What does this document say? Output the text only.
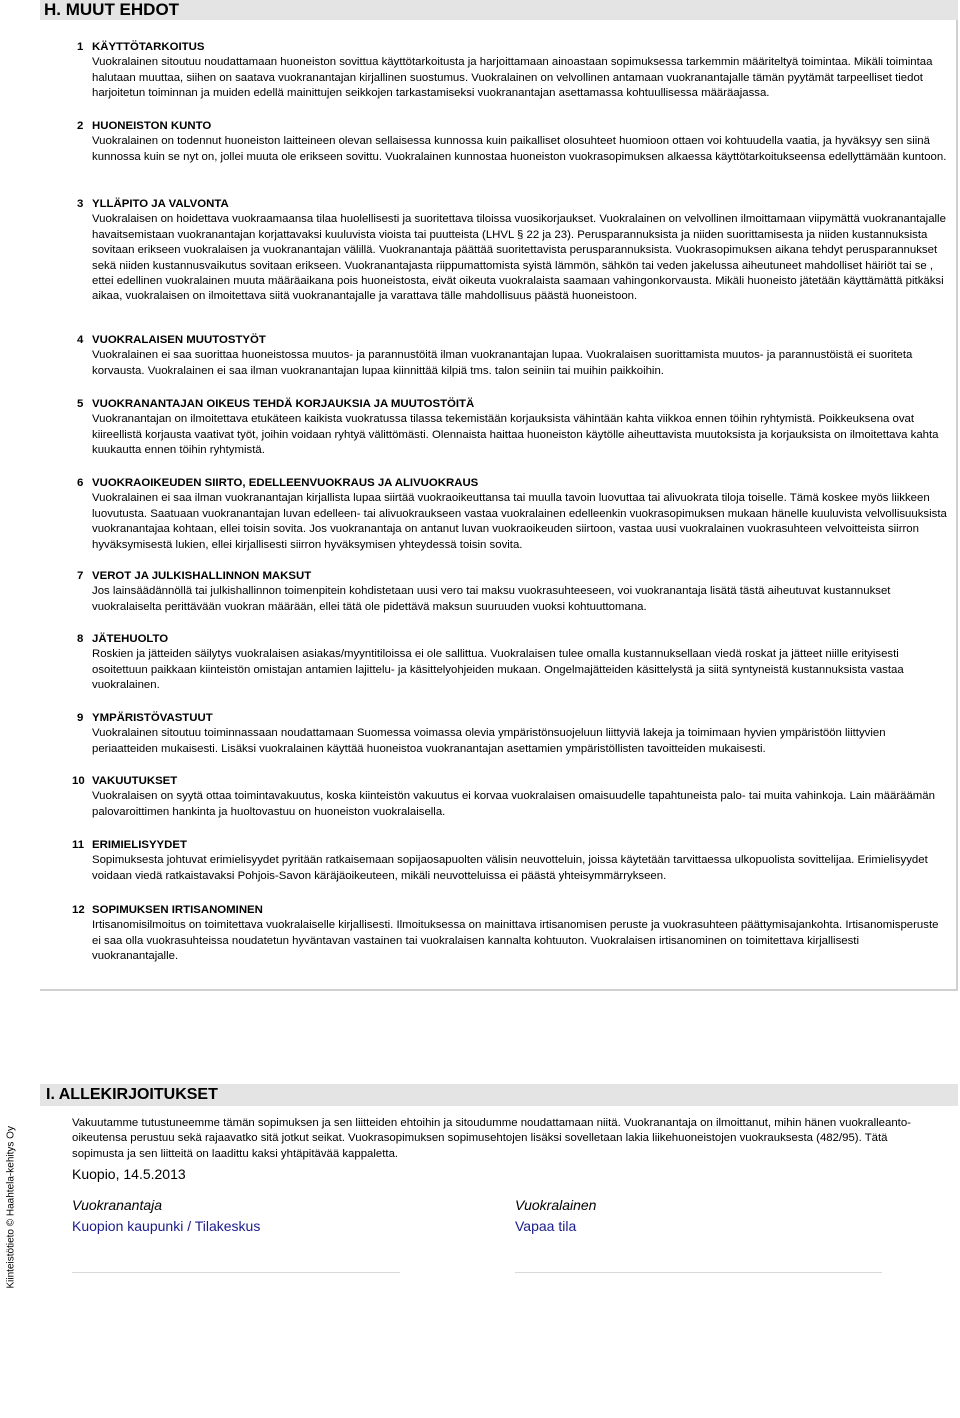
H. MUUT EHDOT
1 KÄYTTÖTARKOITUS
Vuokralainen sitoutuu noudattamaan huoneiston sovittua käyttötarkoitusta ja harjoittamaan ainoastaan sopimuksessa tarkemmin määriteltyä toimintaa. Mikäli toimintaa halutaan muuttaa, siihen on saatava vuokranantajan kirjallinen suostumus. Vuokralainen on velvollinen antamaan vuokranantajalle tämän pyytämät tarpeelliset tiedot harjoitetun toiminnan ja muiden edellä mainittujen seikkojen tarkastamiseksi vuokranantajan asettamassa kohtuullisessa määräajassa.
2 HUONEISTON KUNTO
Vuokralainen on todennut huoneiston laitteineen olevan sellaisessa kunnossa kuin paikalliset olosuhteet huomioon ottaen voi kohtuudella vaatia, ja hyväksyy sen siinä kunnossa kuin se nyt on, jollei muuta ole erikseen sovittu. Vuokralainen kunnostaa huoneiston vuokrasopimuksen alkaessa käyttötarkoitukseensa edellyttämään kuntoon.
3 YLLÄPITO JA VALVONTA
Vuokralaisen on hoidettava vuokraamaansa tilaa huolellisesti ja suoritettava tiloissa vuosikorjaukset. Vuokralainen on velvollinen ilmoittamaan viipymättä vuokranantajalle havaitsemistaan vuokranantajan korjattavaksi kuuluvista vioista tai puutteista (LHVL § 22 ja 23). Perusparannuksista ja niiden suorittamisesta ja niiden kustannuksista sovitaan erikseen vuokralaisen ja vuokranantajan välillä. Vuokranantaja päättää suoritettavista perusparannuksista. Vuokrasopimuksen aikana tehdyt perusparannukset sekä niiden kustannusvaikutus sovitaan erikseen. Vuokranantajasta riippumattomista syistä lämmön, sähkön tai veden jakelussa aiheutuneet mahdolliset häiriöt tai se , ettei edellinen vuokralainen muuta määräaikana pois huoneistosta, eivät oikeuta vuokralaista saamaan vahingonkorvausta. Mikäli huoneisto jätetään käyttämättä pitkäksi aikaa, vuokralaisen on ilmoitettava siitä vuokranantajalle ja varattava tälle mahdollisuus päästä huoneistoon.
4 VUOKRALAISEN MUUTOSTYÖT
Vuokralainen ei saa suorittaa huoneistossa muutos- ja parannustöitä ilman vuokranantajan lupaa. Vuokralaisen suorittamista muutos- ja parannustöistä ei suoriteta korvausta. Vuokralainen ei saa ilman vuokranantajan lupaa kiinnittää kilpiä tms. talon seiniin tai muihin paikkoihin.
5 VUOKRANANTAJAN OIKEUS TEHDÄ KORJAUKSIA JA MUUTOSTÖITÄ
Vuokranantajan on ilmoitettava etukäteen kaikista vuokratussa tilassa tekemistään korjauksista vähintään kahta viikkoa ennen töihin ryhtymistä. Poikkeuksena ovat kiireellistä korjausta vaativat työt, joihin voidaan ryhtyä välittömästi. Olennaista haittaa huoneiston käytölle aiheuttavista muutoksista ja korjauksista on ilmoitettava kahta kuukautta ennen töihin ryhtymistä.
6 VUOKRAOIKEUDEN SIIRTO, EDELLEENVUOKRAUS JA ALIVUOKRAUS
Vuokralainen ei saa ilman vuokranantajan kirjallista lupaa siirtää vuokraoikeuttansa tai muulla tavoin luovuttaa tai alivuokrata tiloja toiselle. Tämä koskee myös liikkeen luovutusta. Saatuaan vuokranantajan luvan edelleen- tai alivuokraukseen vastaa vuokralainen edelleenkin vuokrasopimuksen mukaan hänelle kuuluvista velvollisuuksista vuokranantajaa kohtaan, ellei toisin sovita. Jos vuokranantaja on antanut luvan vuokraoikeuden siirtoon, vastaa uusi vuokralainen vuokrasuhteen velvoitteista siirron hyväksymisestä lukien, ellei kirjallisesti siirron hyväksymisen yhteydessä toisin sovita.
7 VEROT JA JULKISHALLINNON MAKSUT
Jos lainsäädännöllä tai julkishallinnon toimenpitein kohdistetaan uusi vero tai maksu vuokrasuhteeseen, voi vuokranantaja lisätä tästä aiheutuvat kustannukset vuokralaiselta perittävään vuokran määrään, ellei tätä ole pidettävä maksun suuruuden vuoksi kohtuuttomana.
8 JÄTEHUOLTO
Roskien ja jätteiden säilytys vuokralaisen asiakas/myyntitiloissa ei ole sallittua. Vuokralaisen tulee omalla kustannuksellaan viedä roskat ja jätteet niille erityisesti osoitettuun paikkaan kiinteistön omistajan antamien lajittelu- ja käsittelyohjeiden mukaan. Ongelmajätteiden käsittelystä ja siitä syntyneistä kustannuksista vastaa vuokralainen.
9 YMPÄRISTÖVASTUUT
Vuokralainen sitoutuu toiminnassaan noudattamaan Suomessa voimassa olevia ympäristönsuojeluun liittyviä lakeja ja toimimaan hyvien ympäristöön liittyvien periaatteiden mukaisesti. Lisäksi vuokralainen käyttää huoneistoa vuokranantajan asettamien ympäristöllisten tavoitteiden mukaisesti.
10 VAKUUTUKSET
Vuokralaisen on syytä ottaa toimintavakuutus, koska kiinteistön vakuutus ei korvaa vuokralaisen omaisuudelle tapahtuneista palo- tai muita vahinkoja. Lain määräämän palovaroittimen hankinta ja huoltovastuu on huoneiston vuokralaisella.
11 ERIMIELISYYDET
Sopimuksesta johtuvat erimielisyydet pyritään ratkaisemaan sopijaosapuolten välisin neuvotteluin, joissa käytetään tarvittaessa ulkopuolista sovittelijaa. Erimielisyydet voidaan viedä ratkaistavaksi Pohjois-Savon käräjäoikeuteen, mikäli neuvotteluissa ei päästä yhteisymmärrykseen.
12 SOPIMUKSEN IRTISANOMINEN
Irtisanomisilmoitus on toimitettava vuokralaiselle kirjallisesti. Ilmoituksessa on mainittava irtisanomisen peruste ja vuokrasuhteen päättymisajankohta. Irtisanomisperuste ei saa olla vuokrasuhteissa noudatetun hyväntavan vastainen tai vuokralaisen kannalta kohtuuton. Vuokralaisen irtisanominen on toimitettava kirjallisesti vuokranantajalle.
I. ALLEKIRJOITUKSET
Vakuutamme tutustuneemme tämän sopimuksen ja sen liitteiden ehtoihin ja sitoudumme noudattamaan niitä. Vuokranantaja on ilmoittanut, mihin hänen vuokralleanto-oikeutensa perustuu sekä rajaavatko sitä jotkut seikat. Vuokrasopimuksen sopimusehtojen lisäksi sovelletaan lakia liikehuoneistojen vuokrauksesta (482/95). Tätä sopimusta ja sen liitteitä on laadittu kaksi yhtäpitävää kappaletta.
Kuopio, 14.5.2013
Vuokranantaja
Kuopion kaupunki / Tilakeskus
Vuokralainen
Vapaa tila
Kiinteistötieto © Haahtela-kehitys Oy
